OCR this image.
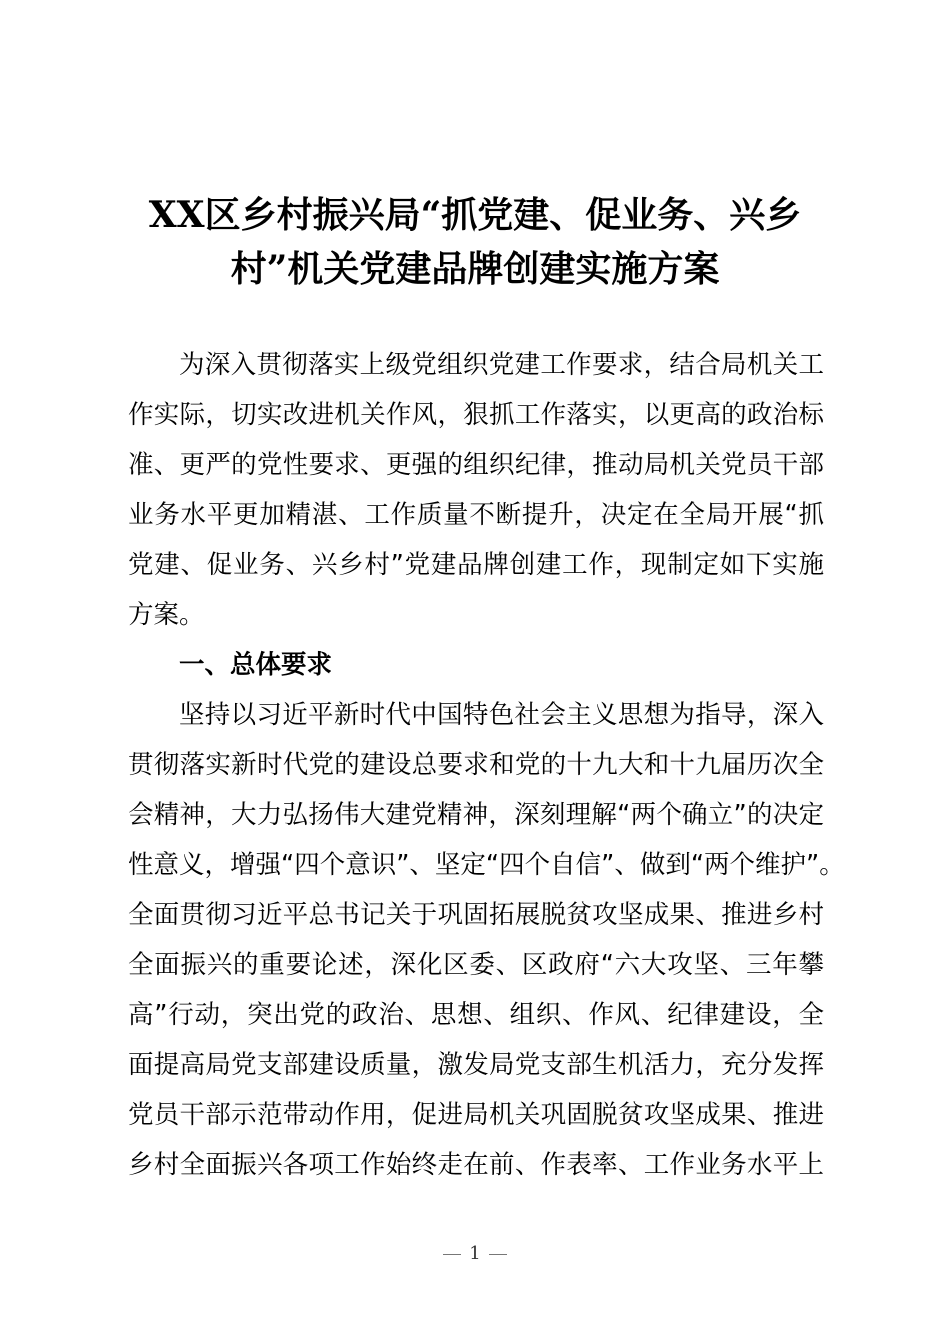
XX区乡村振兴局“抓党建、促业务、兴乡
村”机关党建品牌创建实施方案
为深入贯彻落实上级党组织党建工作要求，结合局机关工
作实际，切实改进机关作风，狠抓工作落实，以更高的政治标
准、更严的党性要求、更强的组织纪律，推动局机关党员干部
业务水平更加精湛、工作质量不断提升，决定在全局开展“抓
党建、促业务、兴乡村”党建品牌创建工作，现制定如下实施
方案。
一、总体要求
坚持以习近平新时代中国特色社会主义思想为指导，深入
贯彻落实新时代党的建设总要求和党的十九大和十九届历次全
会精神，大力弘扬伟大建党精神，深刻理解“两个确立”的决定
性意义，增强“四个意识”、坚定“四个自信”、做到“两个维护”。
全面贯彻习近平总书记关于巩固拓展脱贫攻坚成果、推进乡村
全面振兴的重要论述，深化区委、区政府“六大攻坚、三年攀
高”行动，突出党的政治、思想、组织、作风、纪律建设，全
面提高局党支部建设质量，激发局党支部生机活力，充分发挥
党员干部示范带动作用，促进局机关巩固脱贫攻坚成果、推进
乡村全面振兴各项工作始终走在前、作表率、工作业务水平上
1
